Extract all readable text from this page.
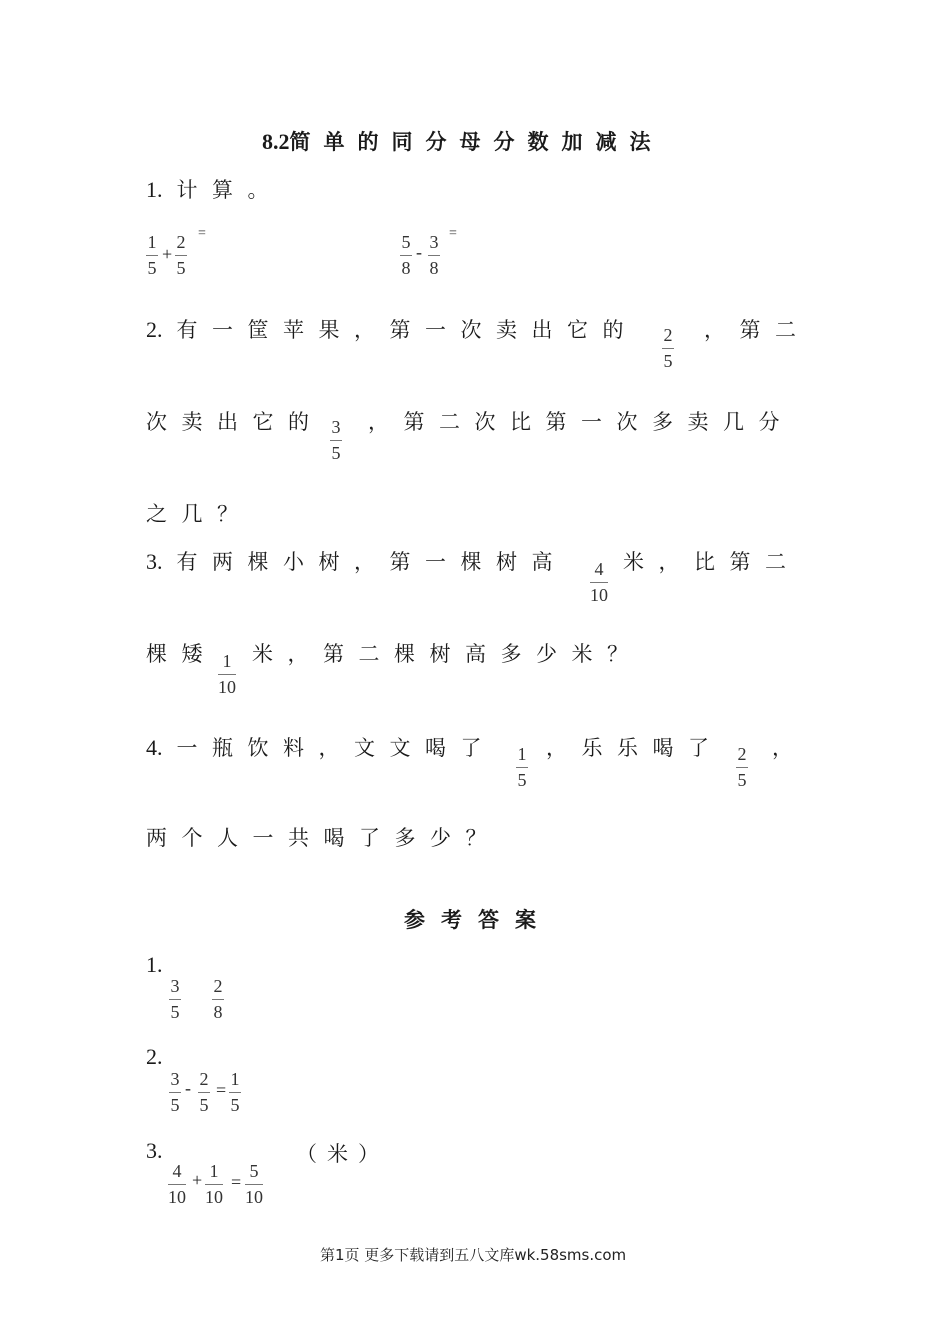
8.2简单的同分母分数加减法
1. 计算。
$\frac{1}{5} + \frac{2}{5}$ =	$\frac{5}{8} - \frac{3}{8}$ =
2. 有一筐苹果，第一次卖出它的 $\frac{2}{5}$ ，第二
次卖出它的 $\frac{3}{5}$ ，第二次比第一次多卖几分
之几？
3. 有两棵小树，第一棵树高 $\frac{4}{10}$ 米，比第二
棵矮 $\frac{1}{10}$ 米，第二棵树高多少米？
4. 一瓶饮料，文文喝了 $\frac{1}{5}$ ，乐乐喝了 $\frac{2}{5}$ ，
两个人一共喝了多少？
参考答案
1.
$\frac{3}{5} \frac{2}{8}$
2.
$\frac{3}{5} - \frac{2}{5} = \frac{1}{5}$
3.	（米）
$\frac{4}{10} + \frac{1}{10} = \frac{5}{10}$
第1页 更多下载请到五八文库wk.58sms.com
